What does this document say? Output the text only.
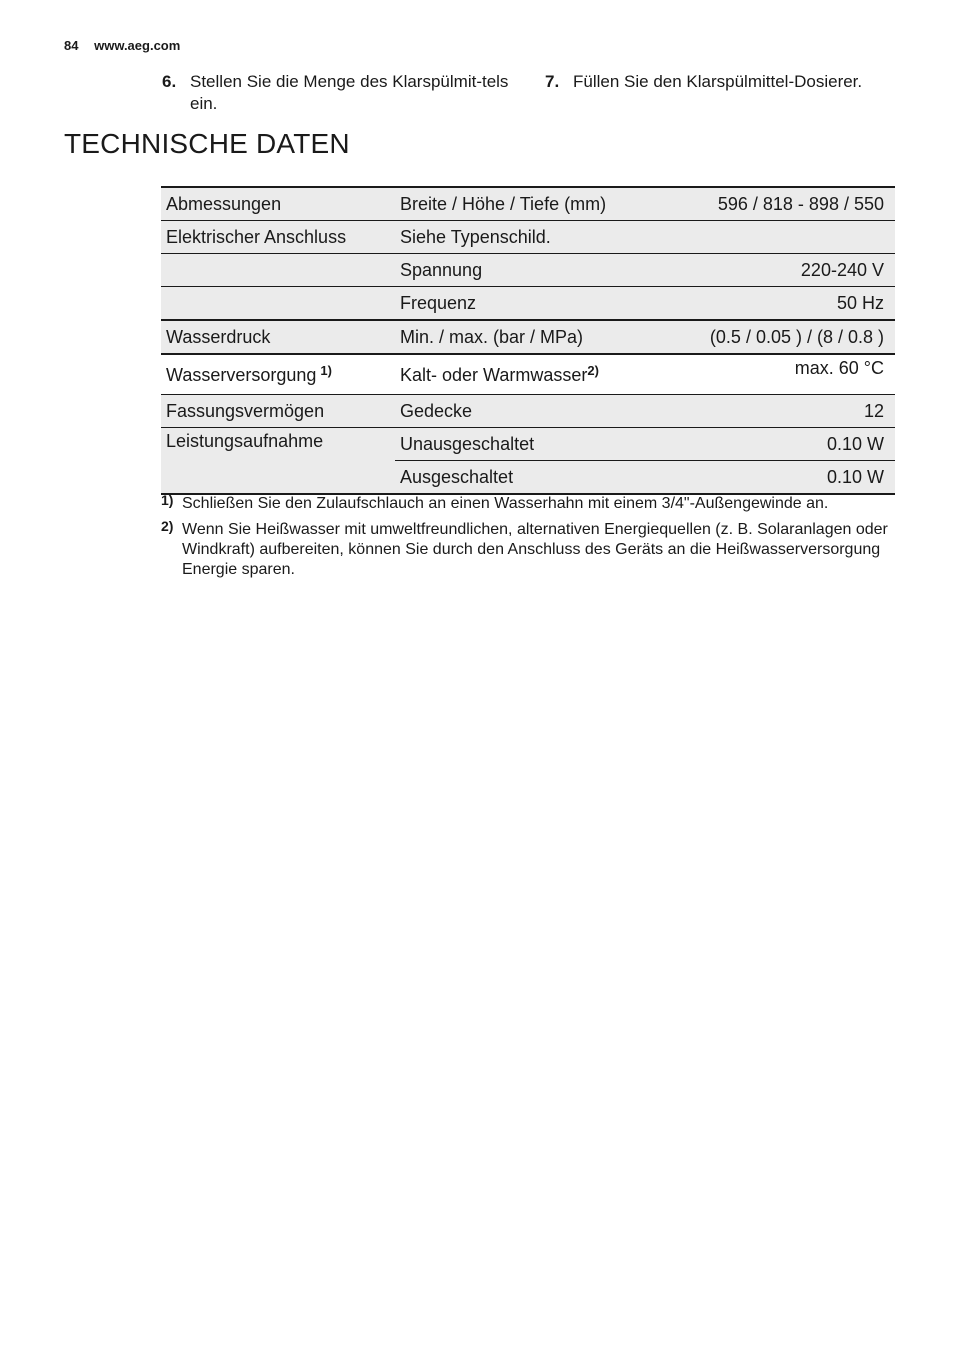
84 www.aeg.com
6. Stellen Sie die Menge des Klarspülmit-tels ein.
7. Füllen Sie den Klarspülmittel-Dosierer.
TECHNISCHE DATEN
Abmessungen	Breite / Höhe / Tiefe (mm)	596 / 818 - 898 / 550
Elektrischer Anschluss	Siehe Typenschild.	
	Spannung	220-240 V
	Frequenz	50 Hz
Wasserdruck	Min. / max. (bar / MPa)	(0.5 / 0.05 ) / (8 / 0.8 )
Wasserversorgung $^{1)}$	Kalt- oder Warmwasser$^{2)}$	max. 60 °C
Fassungsvermögen	Gedecke	12
Leistungsaufnahme	Unausgeschaltet	0.10 W
	Ausgeschaltet	0.10 W
1) Schließen Sie den Zulaufschlauch an einen Wasserhahn mit einem 3/4"-Außengewinde an.
2) Wenn Sie Heißwasser mit umweltfreundlichen, alternativen Energiequellen (z. B. Solaranlagen oder Windkraft) aufbereiten, können Sie durch den Anschluss des Geräts an die Heißwasserversorgung Energie sparen.
